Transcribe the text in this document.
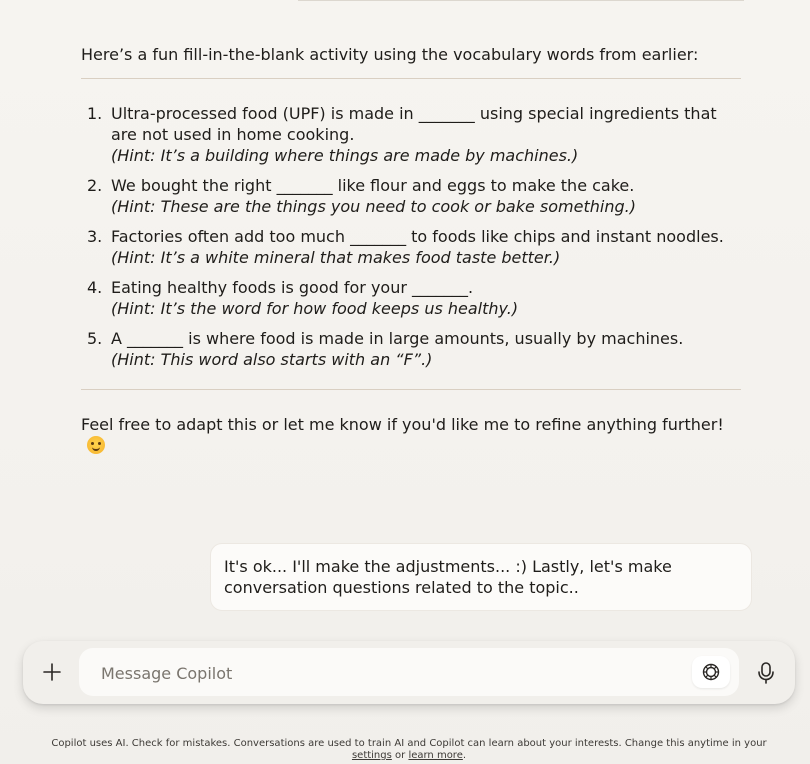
Here’s a fun fill-in-the-blank activity using the vocabulary words from earlier:

1. Ultra-processed food (UPF) is made in _______ using special ingredients that are not used in home cooking.
(Hint: It’s a building where things are made by machines.)
2. We bought the right _______ like flour and eggs to make the cake.
(Hint: These are the things you need to cook or bake something.)
3. Factories often add too much _______ to foods like chips and instant noodles.
(Hint: It’s a white mineral that makes food taste better.)
4. Eating healthy foods is good for your _______.
(Hint: It’s the word for how food keeps us healthy.)
5. A _______ is where food is made in large amounts, usually by machines.
(Hint: This word also starts with an “F”.)

Feel free to adapt this or let me know if you'd like me to refine anything further!

It's ok... I'll make the adjustments... :) Lastly, let's make conversation questions related to the topic..
Message Copilot
Copilot uses AI. Check for mistakes. Conversations are used to train AI and Copilot can learn about your interests. Change this anytime in your settings or learn more.
